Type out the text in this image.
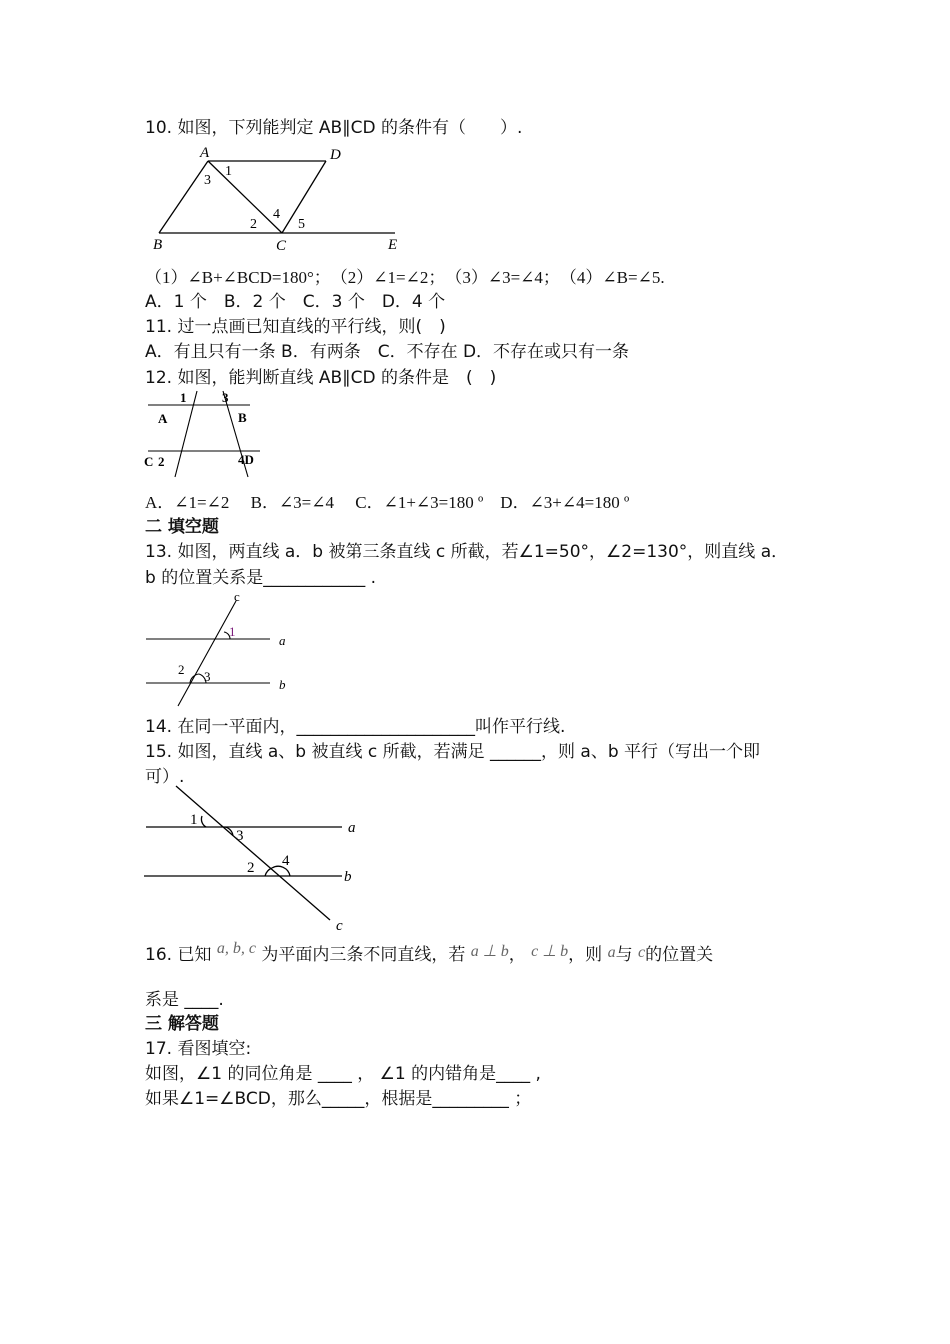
10. 如图，下列能判定 AB∥CD 的条件有（　　）.
A	D
B	C	E
1
3
2
4
5
（1）∠B+∠BCD=180°；　（2）∠1=∠2；　（3）∠3=∠4；　（4）∠B=∠5.
A．1 个　B．2 个　C．3 个　D．4 个
11. 过一点画已知直线的平行线，则(　)
A．有且只有一条 B．有两条　C．不存在 D．不存在或只有一条
12. 如图，能判断直线 AB∥CD 的条件是　(　)
1	3
A	B
C 2	4D
A．∠1=∠2　 B．∠3=∠4　 C．∠1+∠3=180 º　D．∠3+∠4=180 º
二 填空题
13. 如图，两直线 a．b 被第三条直线 c 所截，若∠1=50°，∠2=130°，则直线 a．
b 的位置关系是____________ .
c
1
a
2 3
b
14. 在同一平面内，_____________________叫作平行线.
15. 如图，直线 a、b 被直线 c 所截，若满足 ______，则 a、b 平行（写出一个即
可）.
1
3	a
2 4
b
c
16. 已知 a, b, c 为平面内三条不同直线，若 a ⊥ b， c ⊥ b，则 a与 c的位置关
系是 ____.
三 解答题
17. 看图填空:
如图，∠1 的同位角是 ____ ， ∠1 的内错角是____ ,
如果∠1=∠BCD，那么_____，根据是_________ ；
